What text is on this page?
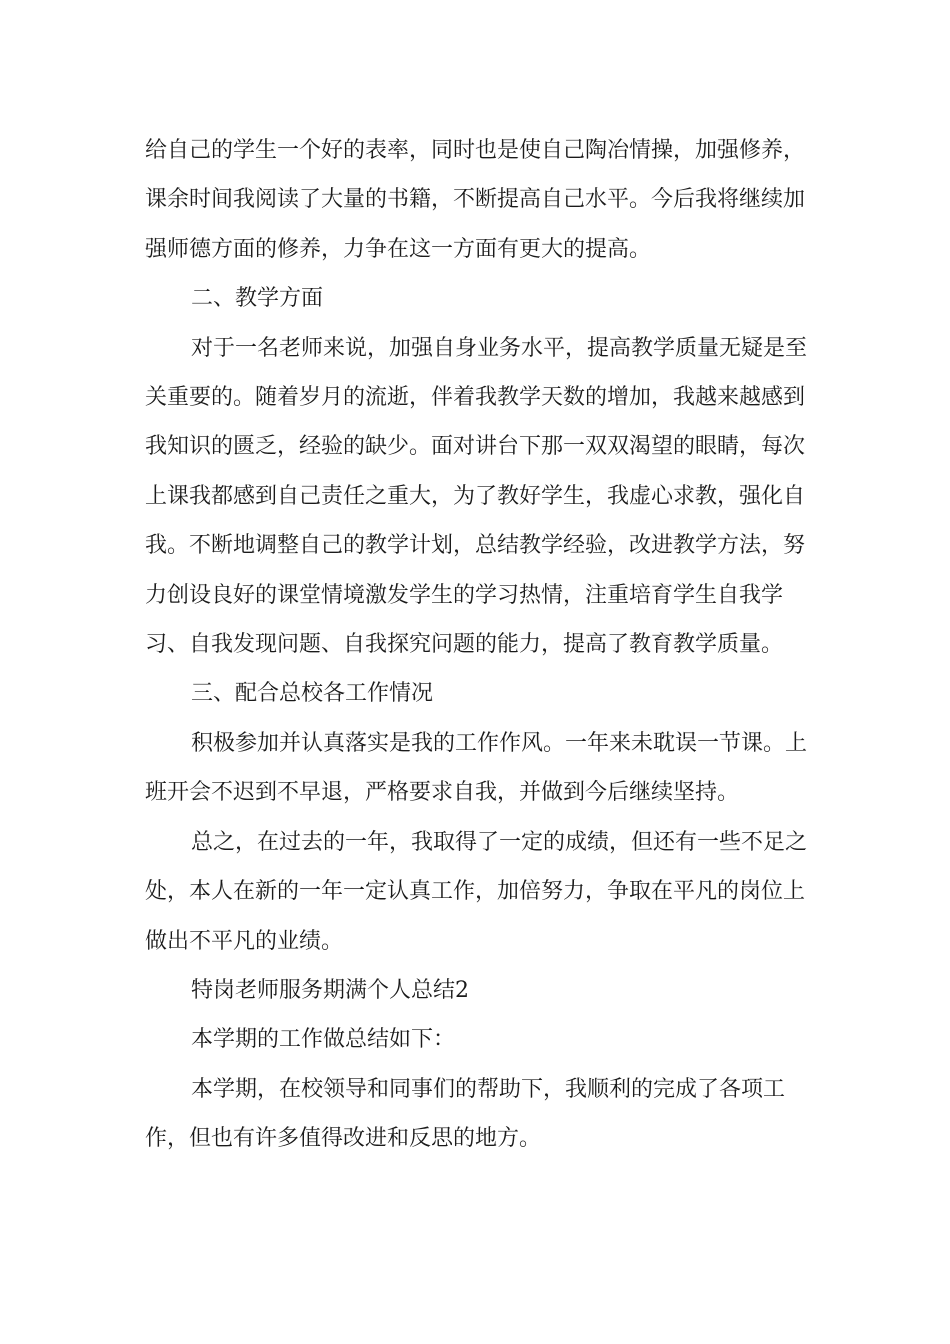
给自己的学生一个好的表率，同时也是使自己陶冶情操，加强修养，课余时间我阅读了大量的书籍，不断提高自己水平。今后我将继续加强师德方面的修养，力争在这一方面有更大的提高。

二、教学方面

对于一名老师来说，加强自身业务水平，提高教学质量无疑是至关重要的。随着岁月的流逝，伴着我教学天数的增加，我越来越感到我知识的匮乏，经验的缺少。面对讲台下那一双双渴望的眼睛，每次上课我都感到自己责任之重大，为了教好学生，我虚心求教，强化自我。不断地调整自己的教学计划，总结教学经验，改进教学方法，努力创设良好的课堂情境激发学生的学习热情，注重培育学生自我学习、自我发现问题、自我探究问题的能力，提高了教育教学质量。

三、配合总校各工作情况

积极参加并认真落实是我的工作作风。一年来未耽误一节课。上班开会不迟到不早退，严格要求自我，并做到今后继续坚持。

总之，在过去的一年，我取得了一定的成绩，但还有一些不足之处，本人在新的一年一定认真工作，加倍努力，争取在平凡的岗位上做出不平凡的业绩。

特岗老师服务期满个人总结2

本学期的工作做总结如下：

本学期，在校领导和同事们的帮助下，我顺利的完成了各项工作，但也有许多值得改进和反思的地方。
